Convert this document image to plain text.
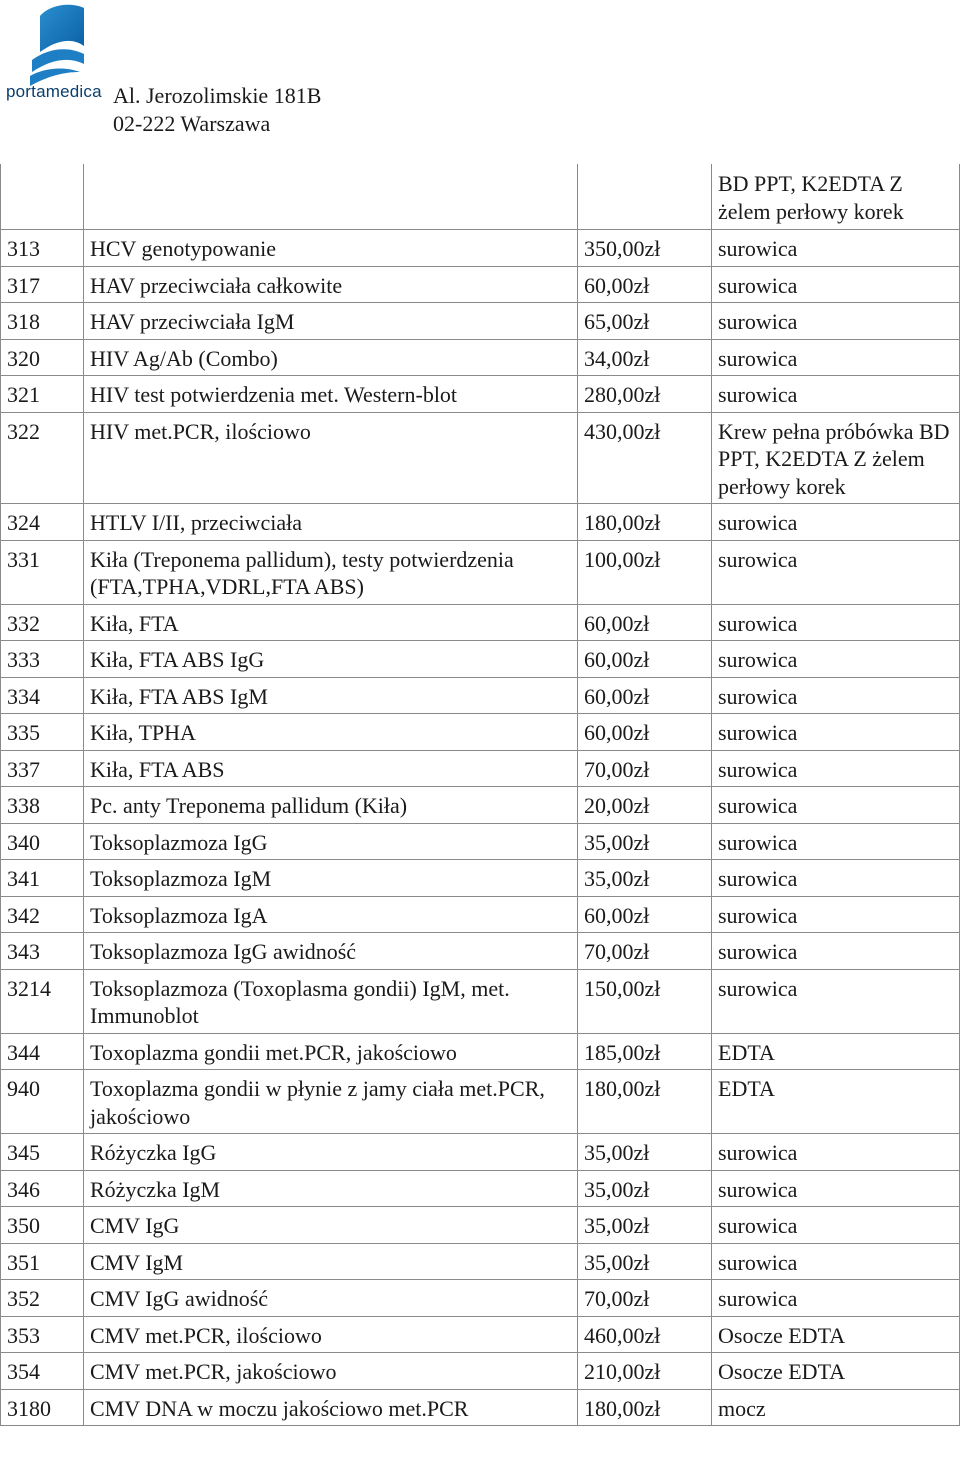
portamedica Al. Jerozolimskie 181B
02-222 Warszawa
			BD PPT, K2EDTA Z żelem perłowy korek
313	HCV genotypowanie	350,00zł	surowica
317	HAV przeciwciała całkowite	60,00zł	surowica
318	HAV przeciwciała IgM	65,00zł	surowica
320	HIV Ag/Ab (Combo)	34,00zł	surowica
321	HIV test potwierdzenia met. Western-blot	280,00zł	surowica
322	HIV met.PCR, ilościowo	430,00zł	Krew pełna próbówka BD PPT, K2EDTA Z żelem perłowy korek
324	HTLV I/II, przeciwciała	180,00zł	surowica
331	Kiła (Treponema pallidum), testy potwierdzenia (FTA,TPHA,VDRL,FTA ABS)	100,00zł	surowica
332	Kiła, FTA	60,00zł	surowica
333	Kiła, FTA ABS IgG	60,00zł	surowica
334	Kiła, FTA ABS IgM	60,00zł	surowica
335	Kiła, TPHA	60,00zł	surowica
337	Kiła, FTA ABS	70,00zł	surowica
338	Pc. anty Treponema pallidum (Kiła)	20,00zł	surowica
340	Toksoplazmoza IgG	35,00zł	surowica
341	Toksoplazmoza IgM	35,00zł	surowica
342	Toksoplazmoza IgA	60,00zł	surowica
343	Toksoplazmoza IgG awidność	70,00zł	surowica
3214	Toksoplazmoza (Toxoplasma gondii) IgM, met. Immunoblot	150,00zł	surowica
344	Toxoplazma gondii met.PCR, jakościowo	185,00zł	EDTA
940	Toxoplazma gondii w płynie z jamy ciała met.PCR, jakościowo	180,00zł	EDTA
345	Różyczka IgG	35,00zł	surowica
346	Różyczka IgM	35,00zł	surowica
350	CMV IgG	35,00zł	surowica
351	CMV IgM	35,00zł	surowica
352	CMV IgG awidność	70,00zł	surowica
353	CMV met.PCR, ilościowo	460,00zł	Osocze EDTA
354	CMV met.PCR, jakościowo	210,00zł	Osocze EDTA
3180	CMV DNA w moczu jakościowo met.PCR	180,00zł	mocz
